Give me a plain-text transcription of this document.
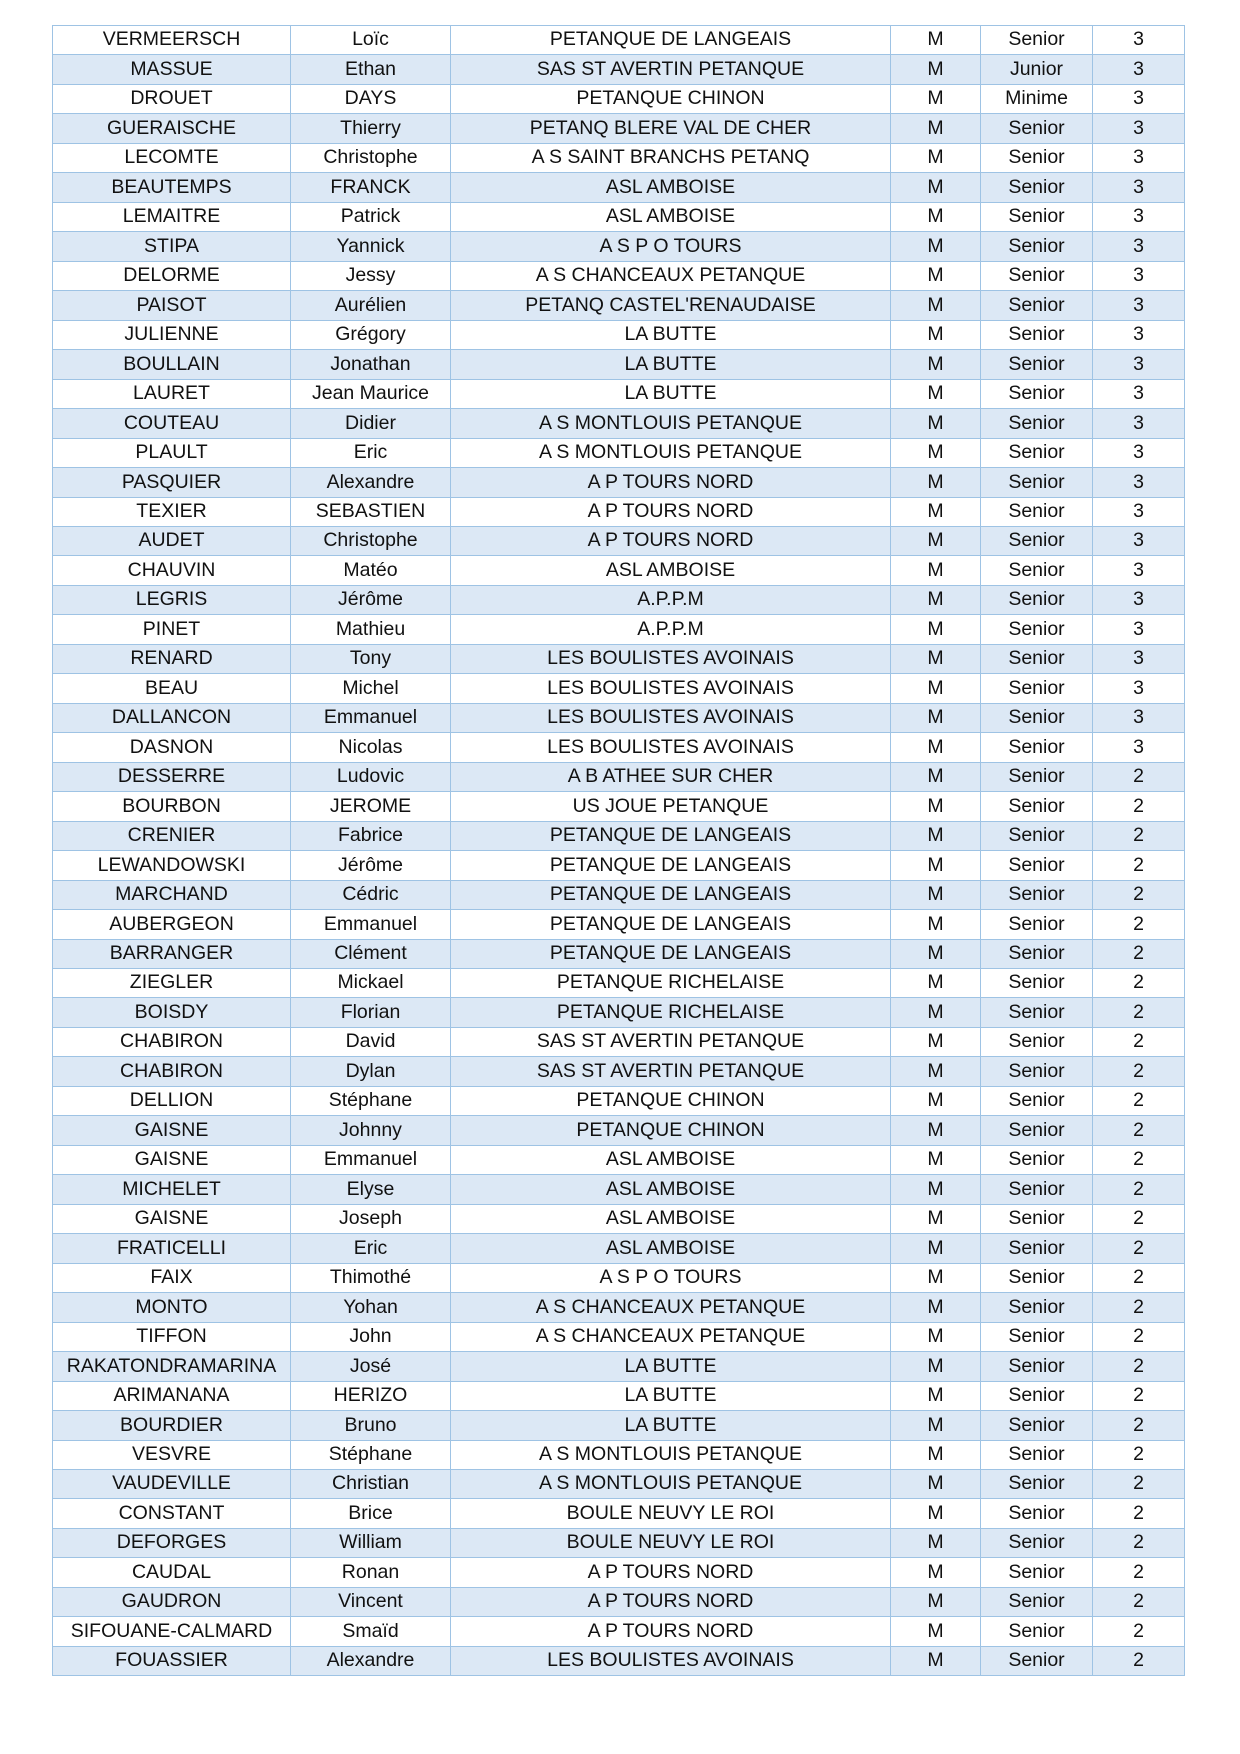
VERMEERSCH	Loïc	PETANQUE DE LANGEAIS	M	Senior	3
MASSUE	Ethan	SAS ST AVERTIN PETANQUE	M	Junior	3
DROUET	DAYS	PETANQUE CHINON	M	Minime	3
GUERAISCHE	Thierry	PETANQ BLERE VAL DE CHER	M	Senior	3
LECOMTE	Christophe	A S SAINT BRANCHS PETANQ	M	Senior	3
BEAUTEMPS	FRANCK	ASL AMBOISE	M	Senior	3
LEMAITRE	Patrick	ASL AMBOISE	M	Senior	3
STIPA	Yannick	A S P O TOURS	M	Senior	3
DELORME	Jessy	A S CHANCEAUX PETANQUE	M	Senior	3
PAISOT	Aurélien	PETANQ CASTEL'RENAUDAISE	M	Senior	3
JULIENNE	Grégory	LA BUTTE	M	Senior	3
BOULLAIN	Jonathan	LA BUTTE	M	Senior	3
LAURET	Jean Maurice	LA BUTTE	M	Senior	3
COUTEAU	Didier	A S MONTLOUIS PETANQUE	M	Senior	3
PLAULT	Eric	A S MONTLOUIS PETANQUE	M	Senior	3
PASQUIER	Alexandre	A P TOURS NORD	M	Senior	3
TEXIER	SEBASTIEN	A P TOURS NORD	M	Senior	3
AUDET	Christophe	A P TOURS NORD	M	Senior	3
CHAUVIN	Matéo	ASL AMBOISE	M	Senior	3
LEGRIS	Jérôme	A.P.P.M	M	Senior	3
PINET	Mathieu	A.P.P.M	M	Senior	3
RENARD	Tony	LES BOULISTES AVOINAIS	M	Senior	3
BEAU	Michel	LES BOULISTES AVOINAIS	M	Senior	3
DALLANCON	Emmanuel	LES BOULISTES AVOINAIS	M	Senior	3
DASNON	Nicolas	LES BOULISTES AVOINAIS	M	Senior	3
DESSERRE	Ludovic	A B ATHEE SUR CHER	M	Senior	2
BOURBON	JEROME	US JOUE PETANQUE	M	Senior	2
CRENIER	Fabrice	PETANQUE DE LANGEAIS	M	Senior	2
LEWANDOWSKI	Jérôme	PETANQUE DE LANGEAIS	M	Senior	2
MARCHAND	Cédric	PETANQUE DE LANGEAIS	M	Senior	2
AUBERGEON	Emmanuel	PETANQUE DE LANGEAIS	M	Senior	2
BARRANGER	Clément	PETANQUE DE LANGEAIS	M	Senior	2
ZIEGLER	Mickael	PETANQUE RICHELAISE	M	Senior	2
BOISDY	Florian	PETANQUE RICHELAISE	M	Senior	2
CHABIRON	David	SAS ST AVERTIN PETANQUE	M	Senior	2
CHABIRON	Dylan	SAS ST AVERTIN PETANQUE	M	Senior	2
DELLION	Stéphane	PETANQUE CHINON	M	Senior	2
GAISNE	Johnny	PETANQUE CHINON	M	Senior	2
GAISNE	Emmanuel	ASL AMBOISE	M	Senior	2
MICHELET	Elyse	ASL AMBOISE	M	Senior	2
GAISNE	Joseph	ASL AMBOISE	M	Senior	2
FRATICELLI	Eric	ASL AMBOISE	M	Senior	2
FAIX	Thimothé	A S P O TOURS	M	Senior	2
MONTO	Yohan	A S CHANCEAUX PETANQUE	M	Senior	2
TIFFON	John	A S CHANCEAUX PETANQUE	M	Senior	2
RAKATONDRAMARINA	José	LA BUTTE	M	Senior	2
ARIMANANA	HERIZO	LA BUTTE	M	Senior	2
BOURDIER	Bruno	LA BUTTE	M	Senior	2
VESVRE	Stéphane	A S MONTLOUIS PETANQUE	M	Senior	2
VAUDEVILLE	Christian	A S MONTLOUIS PETANQUE	M	Senior	2
CONSTANT	Brice	BOULE NEUVY LE ROI	M	Senior	2
DEFORGES	William	BOULE NEUVY LE ROI	M	Senior	2
CAUDAL	Ronan	A P TOURS NORD	M	Senior	2
GAUDRON	Vincent	A P TOURS NORD	M	Senior	2
SIFOUANE-CALMARD	Smaïd	A P TOURS NORD	M	Senior	2
FOUASSIER	Alexandre	LES BOULISTES AVOINAIS	M	Senior	2
